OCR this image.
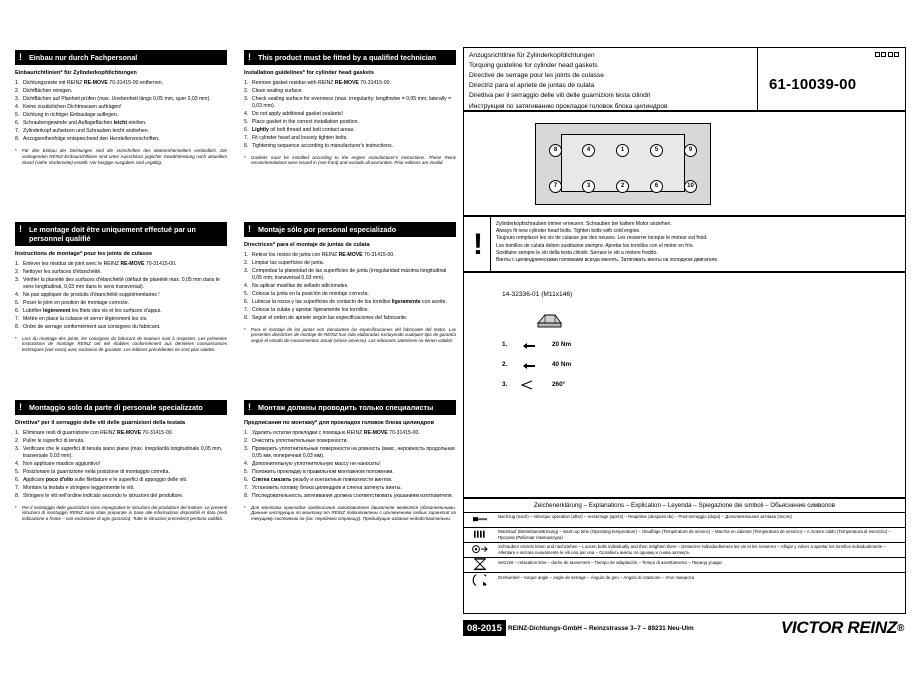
! Einbau nur durch Fachpersonal
Einbaurichtlinien* für Zylinderkopfdichtungen
Dichtungsreste mit REINZ RE-MOVE 70-31415-00 entfernen.
Dichtflächen reinigen.
Dichtflächen auf Planheit prüfen (max. Unebenheit längs 0,05 mm, quer 0,03 mm).
Keine zusätzlichen Dichtmassen aufträgen!
Dichtung in richtiger Einbaulage auflegen.
Schraubengewinde und Auflageflächen leicht einölen.
Zylinderkopf aufsetzen und Schrauben leicht andrehen.
Anzugsreihenfolge entsprechend den Herstellervorschriften.
* Für den Einbau der Dichtungen sind die Vorschriften des Motorenherstellers verbindlich. Die vorliegenden REINZ-Einbaurichtlinien sind unter Ausschluss jeglicher Gewährleistung nach aktuellem Stand (siehe Vorderseite) erstellt. Vor hergige Ausgaben sind ungültig.
! This product must be fitted by a qualified technician
Installation guidelines* for cylinder head gaskets
Remove gasket residue with REINZ RE-MOVE 70-31415-00.
Clean sealing surface.
Check sealing surface for evenness (max. irregularity: lengthwise = 0,05 mm; laterally = 0,03 mm).
Do not apply additional gasket sealants!
Place gasket in the correct installation position.
Lightly oil bolt thread and bolt contact areas.
Fit cylinder head and loosely tighten bolts.
Tightening sequence according to manufacturer's instructions.
* Gaskets must be installed according to the engine manufacturer's instructions. These Reinz recommendations were issued in (see front) and exclude all warranties. Prior editions are invalid.
! Le montage doit être uniquement effectué par un personnel qualifié
Instructions de montage* pour les joints de culasse
Enlever les résidus de joint avec le REINZ RE-MOVE 70-31415-00.
Nettoyer les surfaces d'étanchéité.
Vérifier la planéité des surfaces d'étanchéité (défaut de planéité max. 0,05 mm dans le sens longitudinal, 0,03 mm dans le sens transversal).
Ne pas appliquer de produits d'étanchéité supplémentaires !
Poser le joint en position de montage correcte.
Lubrifier légèrement les filets des vis et les surfaces d'appui.
Mettre en place la culasse et serrer légèrement les vis.
Ordre de serrage conformément aux consignes du fabricant.
* Lors du montage des joints, les consignes du fabricant de moteurs sont à respecter. Les présentes instructions de montage REINZ ont été établies conformément aux dernières connaissances techniques (voir recto) avec exclusion de garantie. Les éditions précédentes ne sont plus valides.
! Montaje sólo por personal especializado
Directrices* para el montaje de juntas de culata
Retirar los restos de junta con REINZ RE-MOVE 70-31415-00.
Limpiar las superficies de junta.
Comprobar la planeidad de las superficies de junta (irregularidad máxima longitudinal 0,05 mm; transversal 0,03 mm).
No aplicar masillas de sellado adicionales.
Colocar la junta en la posición de montaje correcta.
Lubricar la rosca y las superficies de contacto de los tornillos ligeramente con aceite.
Colocar la culata y apretar ligeramente los tornillos.
Seguir el orden de apriete según las especificaciones del fabricante.
* Para el montaje de las juntas son vinculantes las especificaciones del fabricante del motor. Las presentes directrices de montaje de REINZ han sido elaboradas excluyendo cualquier tipo de garantía según el estado de conocimientos actual (véase anverso). Las ediciones anteriores no tienen validez.
! Montaggio solo da parte di personale specializzato
Direttiva* per il serraggio delle viti delle guarnizioni della testata
Eliminare resti di guarnizione con REINZ RE-MOVE 70-31415-00.
Pulire le superfici di tenuta.
Verificare che le superfici di tenuta siano piane (max. irregolarità longitudinale 0,05 mm, trasversale 0,03 mm).
Non applicare mastice aggiuntivo!
Posizionare la guarnizione nella posizione di montaggio corretta.
Applicare poco d'olio sulle filettature e le superfici di appoggio delle viti.
Montare la testata e stringere leggermente le viti.
Stringere le viti nell'ordine indicato secondo le istruzioni del produttore.
* Per il montaggio delle guarnizioni sono impegnative le istruzioni del produttore del motore. Le presenti istruzioni di montaggio REINZ sono state preparate in base alle informazioni disponibili in data (vedi indicazione a fronte – con esclusione di ogni garanzia). Tutte le istruzioni precedenti perdono validità.
! Монтаж должны проводить только специалисты
Предписания по монтажу* для прокладок головок блока цилиндров
Удалить остатки прокладки с помощью REINZ RE-MOVE 70-31415-00.
Очистить уплотнительные поверхности.
Проверить уплотнительные поверхности на ровность (макс. неровность продольная 0,05 мм, поперечная 0,03 мм).
Дополнительную уплотнительную массу не наносить!
Положить прокладку в правильном монтажном положении.
Слегка смазать резьбу и контактные поверхности винтов.
Установить головку блока цилиндров и слегка затянуть винты.
Последовательность затягивания должна соответствовать указаниям изготовителя.
* Для монтажа прокладок предписания изготовителя двигателя являются обязательными. Данные инструкции по монтажу от REINZ подготовлены с исключением любых гарантий по текущему состоянию на (см. переднюю страницу). Предыдущие издания недействительны.
Anzugsrichtlinie für Zylinderkopfdichtungen
Torquing guideline for cylinder head gaskets
Directive de serrage pour les joints de culasse
Directriz para el apriete de juntas de culata
Direttiva per il serraggio delle viti delle guarnizioni testa cilindri
Инструкция по затягиванию прокладок головок блока цилиндров
61-10039-00
8	4	1	5	9
7	3	2	6	10
!
Zylinderkopfschrauben immer erneuern. Schrauben bei kaltem Motor anziehen.
Always fit new cylinder head bolts. Tighten bolts with cold engine.
Toujours remplacer les vis de culasse par des neuves. Les resserrer lorsque le moteur est froid.
Los tornillos de culata deben sustituirse siempre. Apretar los tornillos con el motor en frío.
Sostituire sempre le viti della testa cilindri. Serrare le viti a motore freddo.
Винты с цилиндрическими головками всегда менять. Затягивать винты на холодном двигателе.
14-32336-01 (M11x146)
1.	20 Nm
2.	40 Nm
3.	260°
Zeichenerklärung – Explanations – Explication – Leyenda – Spiegazione dei simboli – Обьяснение символов
Nachzug (nach) – nétorque operation (after) – resserrage (après) – Reapriete (después de) – Post-serraggio (dopo) – Дополнительная затяжка (после)
Warmlauf (Betriebserwärmung) – warm up time (Operating temperature) – chauffage (Température de service) – Marcha en caliente (Temperatura de servicio) – A motore caldo (Temperatura di esercizio) – Прогрев (Рабочая температура)
Schrauben einzeln lösen und nachziehen – Loosen bolts individually and then retighten them – Desserrer individuellement les vis et les resserrer – Aflojar y volver a apretar los tornillos individualmente – Allentare e serrare nuovamente le viti una per una – Ослабить винты по одному и снова затянуть
Setzzeit – relaxation time – durée de tassement – Tiempo de adaptación – Tempo di assettamento – Период усадки
Drehwinkel – torque angle – angle de serrage – Ángulo de giro – Angolo di rotazione – Угол поворота
08-2015 REINZ-Dichtungs-GmbH – Reinzstrasse 3–7 – 89231 Neu-Ulm	VICTOR REINZ®
